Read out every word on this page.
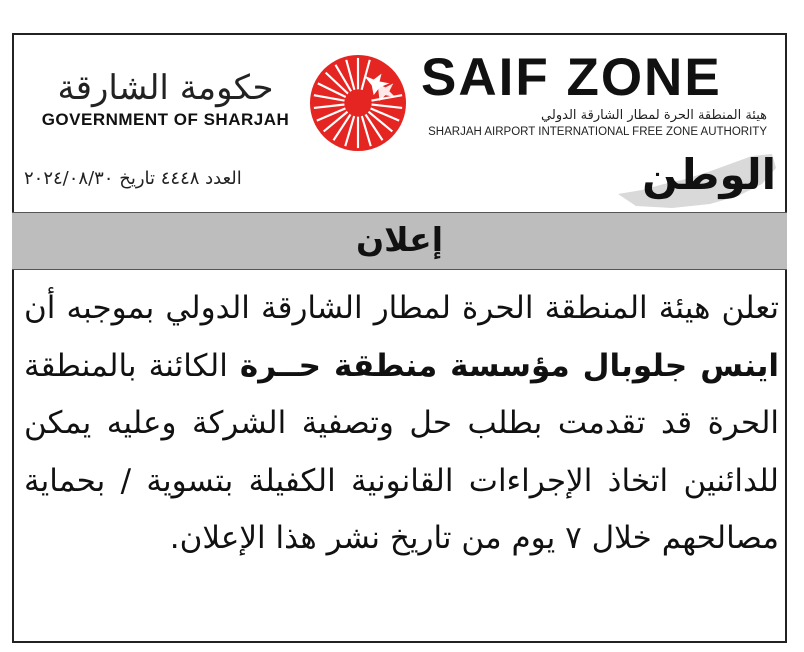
حكومة الشارقة
GOVERNMENT OF SHARJAH
SAIF ZONE
هيئة المنطقة الحرة لمطار الشارقة الدولي
SHARJAH AIRPORT INTERNATIONAL FREE ZONE AUTHORITY
العدد ٤٤٤٨ تاريخ ٢٠٢٤/٠٨/٣٠	الوطن
إعلان
تعلن هيئة المنطقة الحرة لمطار الشارقة الدولي بموجبه أن اينس جلوبال مؤسسة منطقة حــرة الكائنة بالمنطقة الحرة قد تقدمت بطلب حل وتصفية الشركة وعليه يمكن للدائنين اتخاذ الإجراءات القانونية الكفيلة بتسوية / بحماية مصالحهم خلال ٧ يوم من تاريخ نشر هذا الإعلان.
